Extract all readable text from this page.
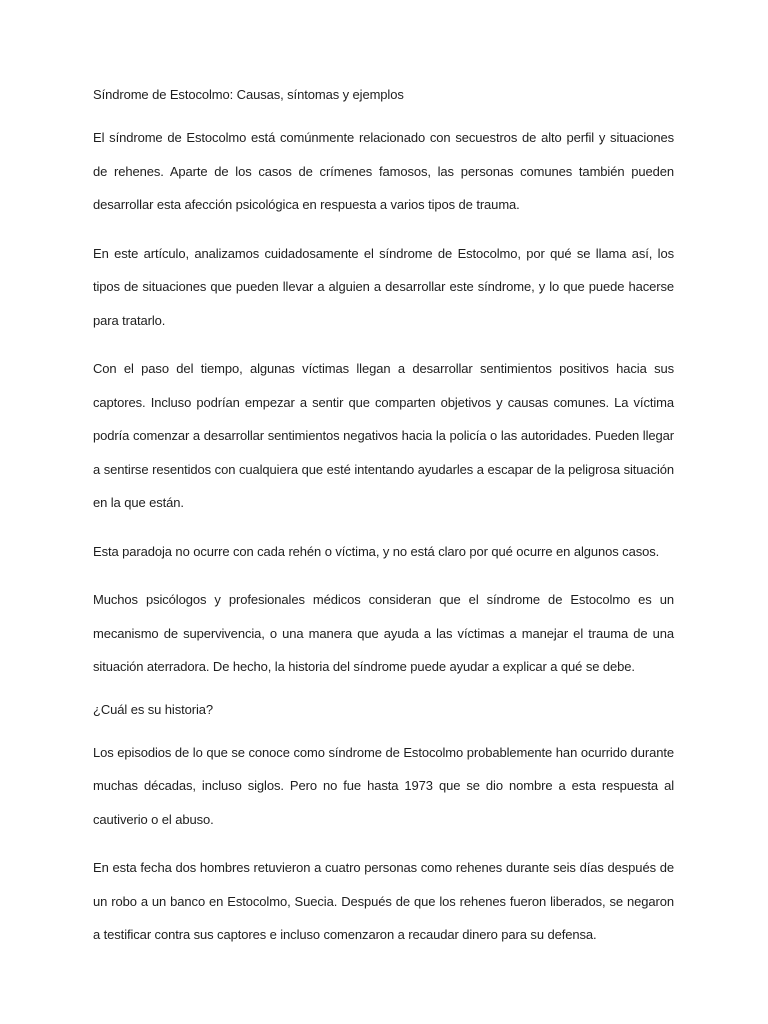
Síndrome de Estocolmo: Causas, síntomas y ejemplos

El síndrome de Estocolmo está comúnmente relacionado con secuestros de alto perfil y situaciones de rehenes. Aparte de los casos de crímenes famosos, las personas comunes también pueden desarrollar esta afección psicológica en respuesta a varios tipos de trauma.

En este artículo, analizamos cuidadosamente el síndrome de Estocolmo, por qué se llama así, los tipos de situaciones que pueden llevar a alguien a desarrollar este síndrome, y lo que puede hacerse para tratarlo.

Con el paso del tiempo, algunas víctimas llegan a desarrollar sentimientos positivos hacia sus captores. Incluso podrían empezar a sentir que comparten objetivos y causas comunes. La víctima podría comenzar a desarrollar sentimientos negativos hacia la policía o las autoridades. Pueden llegar a sentirse resentidos con cualquiera que esté intentando ayudarles a escapar de la peligrosa situación en la que están.

Esta paradoja no ocurre con cada rehén o víctima, y no está claro por qué ocurre en algunos casos.

Muchos psicólogos y profesionales médicos consideran que el síndrome de Estocolmo es un mecanismo de supervivencia, o una manera que ayuda a las víctimas a manejar el trauma de una situación aterradora. De hecho, la historia del síndrome puede ayudar a explicar a qué se debe.

¿Cuál es su historia?

Los episodios de lo que se conoce como síndrome de Estocolmo probablemente han ocurrido durante muchas décadas, incluso siglos. Pero no fue hasta 1973 que se dio nombre a esta respuesta al cautiverio o el abuso.

En esta fecha dos hombres retuvieron a cuatro personas como rehenes durante seis días después de un robo a un banco en Estocolmo, Suecia. Después de que los rehenes fueron liberados, se negaron a testificar contra sus captores e incluso comenzaron a recaudar dinero para su defensa.
